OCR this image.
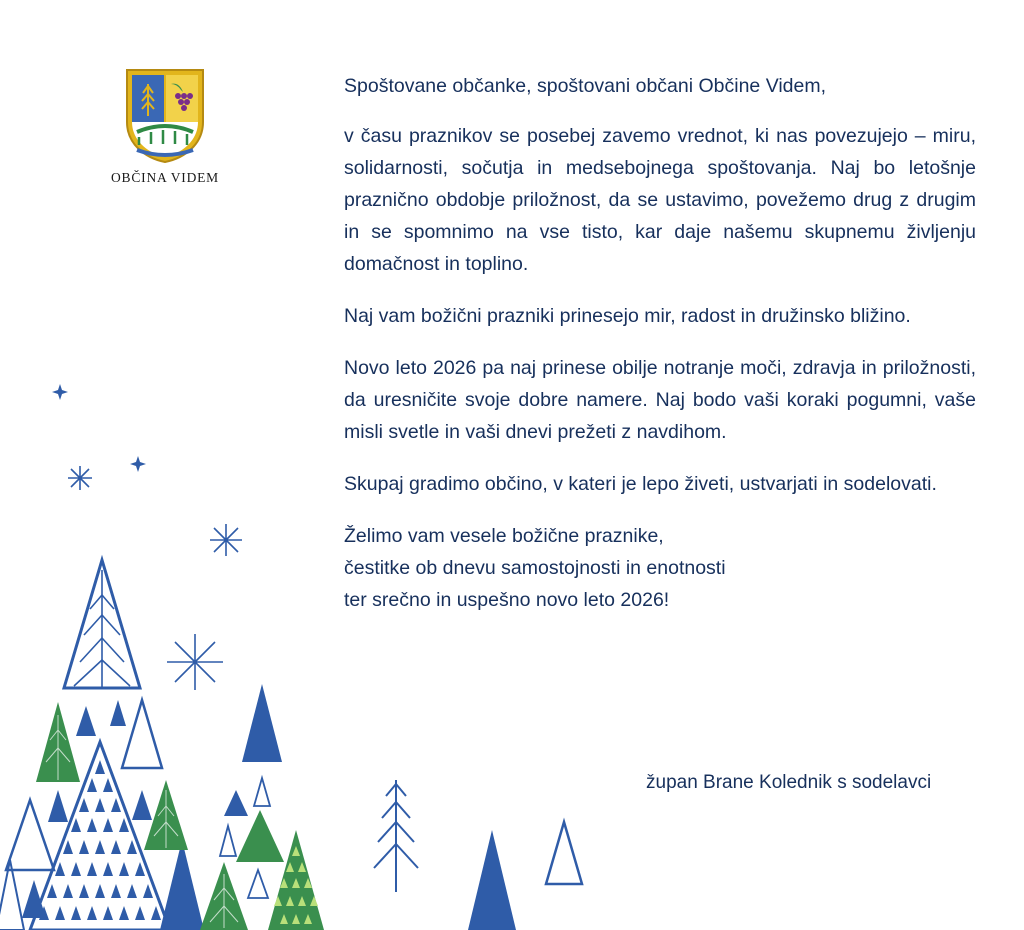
OBČINA VIDEM

Spoštovane občanke, spoštovani občani Občine Videm,

v času praznikov se posebej zavemo vrednot, ki nas povezujejo – miru, solidarnosti, sočutja in medsebojnega spoštovanja. Naj bo letošnje praznično obdobje priložnost, da se ustavimo, povežemo drug z drugim in se spomnimo na vse tisto, kar daje našemu skupnemu življenju domačnost in toplino.

Naj vam božični prazniki prinesejo mir, radost in družinsko bližino.

Novo leto 2026 pa naj prinese obilje notranje moči, zdravja in priložnosti, da uresničite svoje dobre namere. Naj bodo vaši koraki pogumni, vaše misli svetle in vaši dnevi prežeti z navdihom.

Skupaj gradimo občino, v kateri je lepo živeti, ustvarjati in sodelovati.

Želimo vam vesele božične praznike,

čestitke ob dnevu samostojnosti in enotnosti

ter srečno in uspešno novo leto 2026!

župan Brane Kolednik s sodelavci
